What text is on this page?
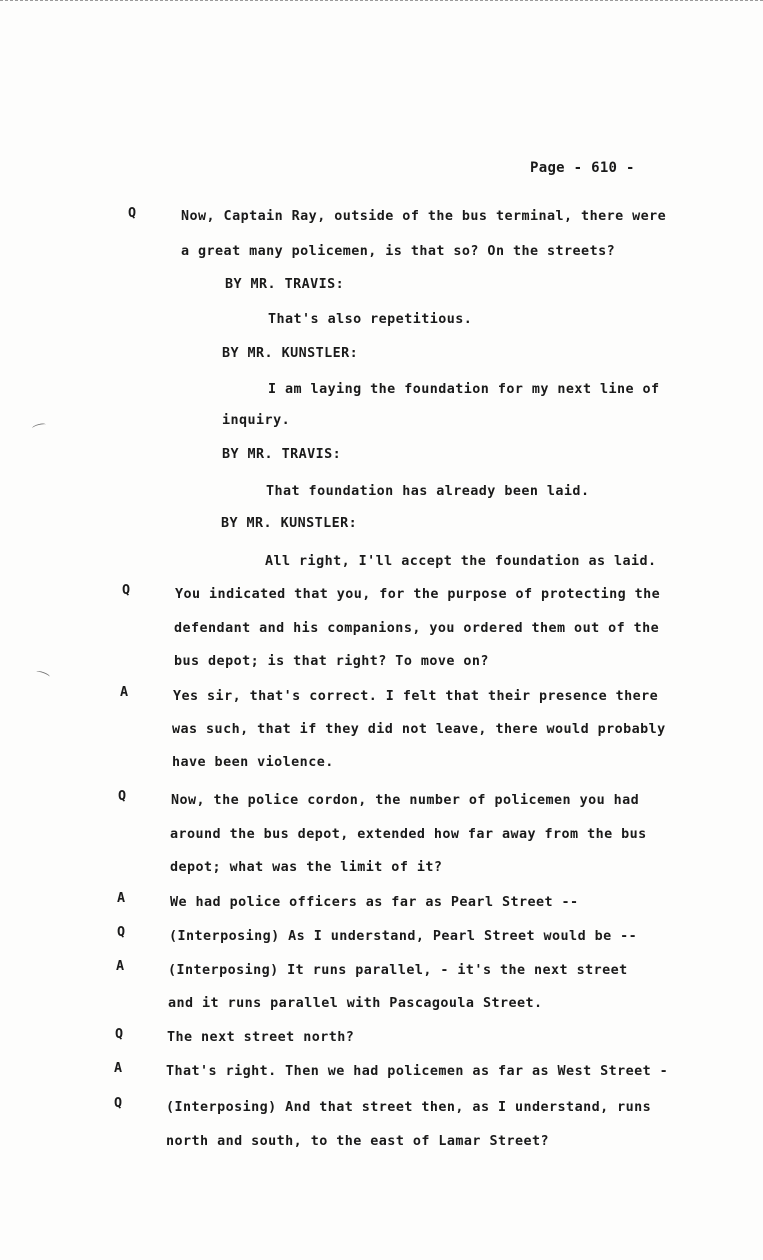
Page - 610 -
Q	Now, Captain Ray, outside of the bus terminal, there were
a great many policemen, is that so? On the streets?
BY MR. TRAVIS:
That's also repetitious.
BY MR. KUNSTLER:
I am laying the foundation for my next line of
inquiry.
BY MR. TRAVIS:
That foundation has already been laid.
BY MR. KUNSTLER:
All right, I'll accept the foundation as laid.
Q	You indicated that you, for the purpose of protecting the
defendant and his companions, you ordered them out of the
bus depot; is that right? To move on?
A	Yes sir, that's correct. I felt that their presence there
was such, that if they did not leave, there would probably
have been violence.
Q	Now, the police cordon, the number of policemen you had
around the bus depot, extended how far away from the bus
depot; what was the limit of it?
A	We had police officers as far as Pearl Street --
Q	(Interposing) As I understand, Pearl Street would be --
A	(Interposing) It runs parallel, - it's the next street
and it runs parallel with Pascagoula Street.
Q	The next street north?
A	That's right. Then we had policemen as far as West Street -
Q	(Interposing) And that street then, as I understand, runs
north and south, to the east of Lamar Street?
